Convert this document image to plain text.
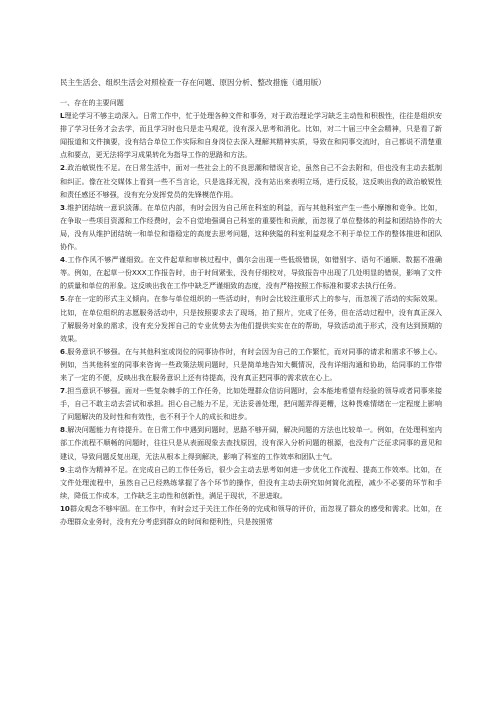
民主生活会、组织生活会对照检查一存在问题、原因分析、整改措施（通用版）

一、存在的主要问题

L理论学习不够主动深入。日常工作中，忙于处理各种文件和事务，对于政治理论学习缺乏主动性和积极性，往往是组织安排了学习任务才会去学，而且学习时也只是走马观花，没有深入思考和消化。比如，对二十届三中全会精神，只是看了新闻报道和文件摘要，没有结合单位工作实际和自身岗位去深入理解其精神实质，导致在和同事交流时，自己都说不清楚重点和要点，更无法将学习成果转化为指导工作的思路和方法。

2.政治敏锐性不足。在日常生活中，面对一些社会上的不良思潮和错误言论，虽然自己不会去附和，但也没有主动去抵制和纠正。像在社交媒体上看到一些不当言论，只是选择无视，没有站出来表明立场，进行反驳，这反映出我的政治敏锐性和责任感还不够强，没有充分发挥党员的先锋模范作用。

3.维护团结统一意识淡薄。在单位内部，有时会因为自己所在科室的利益，而与其他科室产生一些小摩擦和竞争。比如，在争取一些项目资源和工作经费时，会不自觉地强调自己科室的重要性和贡献，而忽视了单位整体的利益和团结协作的大局，没有从维护团结统一和单位和谐稳定的高度去思考问题，这种狭隘的科室利益观念不利于单位工作的整体推进和团队协作。

4.工作作风不够严谨细致。在文件起草和审核过程中，偶尔会出现一些低级错误，如错别字、语句不通顺、数据不准确等。例如，在起草一份XXX工作报告时，由于时间紧张，没有仔细校对，导致报告中出现了几处明显的错误，影响了文件的质量和单位的形象。这反映出我在工作中缺乏严谨细致的态度，没有严格按照工作标准和要求去执行任务。

5.存在一定的形式主义倾向。在参与单位组织的一些活动时，有时会比较注重形式上的参与，而忽视了活动的实际效果。比如，在单位组织的志愿服务活动中，只是按照要求去了现场，拍了照片，完成了任务，但在活动过程中，没有真正深入了解服务对象的需求，没有充分发挥自己的专业优势去为他们提供实实在在的帮助，导致活动流于形式，没有达到预期的效果。

6.服务意识不够强。在与其他科室或岗位的同事协作时，有时会因为自己的工作繁忙，而对同事的请求和需求不够上心。例如，当其他科室的同事来咨询一些政策法规问题时，只是简单地告知大概情况，没有详细沟通和协助，给同事的工作带来了一定的不便，反映出我在服务意识上还有待提高，没有真正把同事的需求放在心上。

7.担当意识不够强。面对一些复杂棘手的工作任务，比如处理群众信访问题时，会本能地希望有经验的领导或者同事来接手，自己不敢主动去尝试和承担。担心自己能力不足，无法妥善处理，把问题弄得更糟，这种畏难情绪在一定程度上影响了问题解决的及时性和有效性，也不利于个人的成长和进步。

8.解决问题能力有待提升。在日常工作中遇到问题时，思路不够开阔，解决问题的方法也比较单一。例如，在处理科室内部工作流程不顺畅的问题时，往往只是从表面现象去查找原因，没有深入分析问题的根源，也没有广泛征求同事的意见和建议，导致问题反复出现，无法从根本上得到解决，影响了科室的工作效率和团队士气。

9.主动作为精神不足。在完成自己的工作任务后，很少会主动去思考如何进一步优化工作流程、提高工作效率。比如，在文件处理流程中，虽然自己已经熟练掌握了各个环节的操作，但没有主动去研究如何简化流程，减少不必要的环节和手续，降低工作成本，工作缺乏主动性和创新性，满足于现状，不思进取。

10群众观念不够牢固。在工作中，有时会过于关注工作任务的完成和领导的评价，而忽视了群众的感受和需求。比如，在办理群众业务时，没有充分考虑到群众的时间和便利性，只是按照常
